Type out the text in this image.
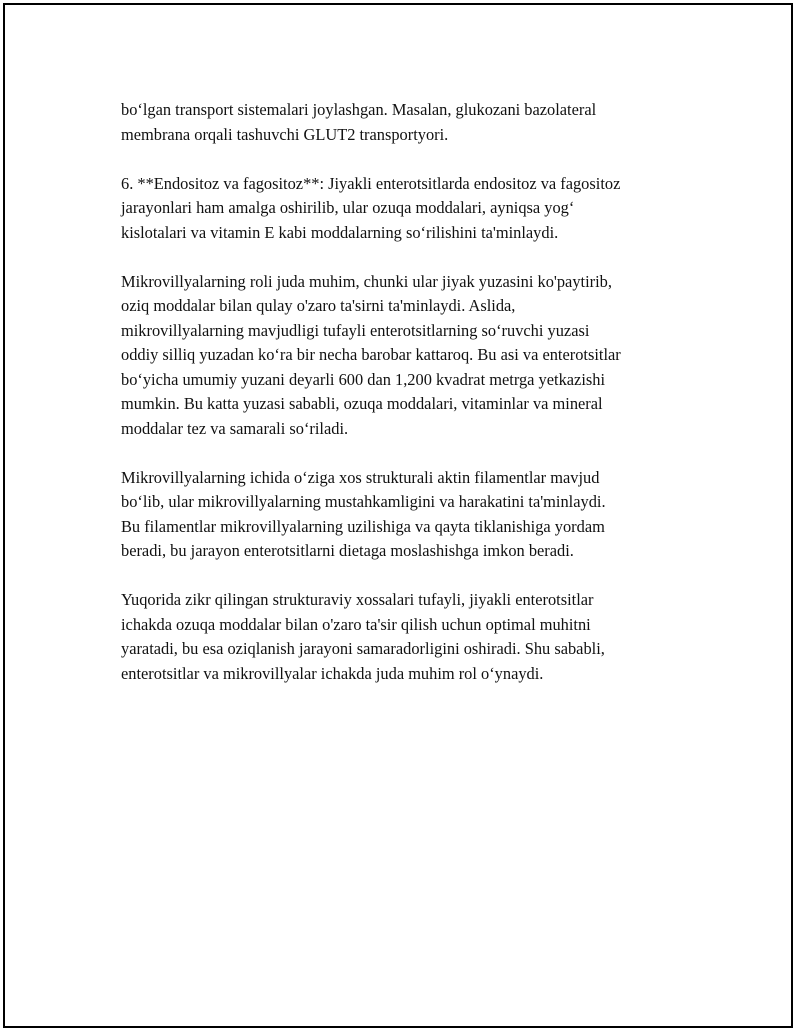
bo‘lgan transport sistemalari joylashgan. Masalan, glukozani bazolateral
membrana orqali tashuvchi GLUT2 transportyori.

6. **Endositoz va fagositoz**: Jiyakli enterotsitlarda endositoz va fagositoz
jarayonlari ham amalga oshirilib, ular ozuqa moddalari, ayniqsa yog‘
kislotalari va vitamin E kabi moddalarning so‘rilishini ta'minlaydi.

Mikrovillyalarning roli juda muhim, chunki ular jiyak yuzasini ko'paytirib,
oziq moddalar bilan qulay o'zaro ta'sirni ta'minlaydi. Aslida,
mikrovillyalarning mavjudligi tufayli enterotsitlarning so‘ruvchi yuzasi
oddiy silliq yuzadan ko‘ra bir necha barobar kattaroq. Bu asi va enterotsitlar
bo‘yicha umumiy yuzani deyarli 600 dan 1,200 kvadrat metrga yetkazishi
mumkin. Bu katta yuzasi sababli, ozuqa moddalari, vitaminlar va mineral
moddalar tez va samarali so‘riladi.

Mikrovillyalarning ichida o‘ziga xos strukturali aktin filamentlar mavjud
bo‘lib, ular mikrovillyalarning mustahkamligini va harakatini ta'minlaydi.
Bu filamentlar mikrovillyalarning uzilishiga va qayta tiklanishiga yordam
beradi, bu jarayon enterotsitlarni dietaga moslashishga imkon beradi.

Yuqorida zikr qilingan strukturaviy xossalari tufayli, jiyakli enterotsitlar
ichakda ozuqa moddalar bilan o'zaro ta'sir qilish uchun optimal muhitni
yaratadi, bu esa oziqlanish jarayoni samaradorligini oshiradi. Shu sababli,
enterotsitlar va mikrovillyalar ichakda juda muhim rol o‘ynaydi.
